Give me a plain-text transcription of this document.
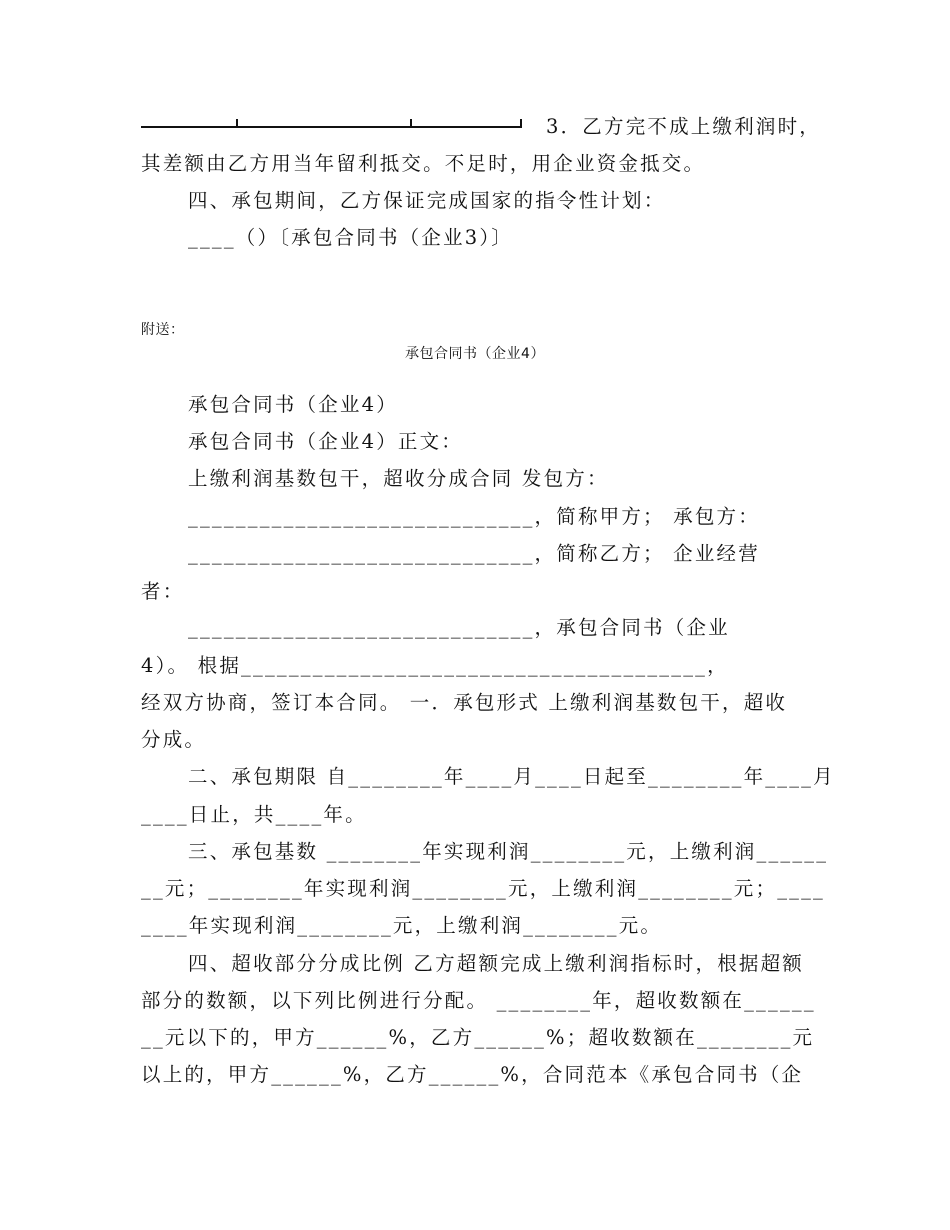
3．乙方完不成上缴利润时，
其差额由乙方用当年留利抵交。不足时，用企业资金抵交。
四、承包期间，乙方保证完成国家的指令性计划：
____（）〔承包合同书（企业3）〕
附送：
承包合同书（企业4）
承包合同书（企业4）
承包合同书（企业4）正文：
上缴利润基数包干，超收分成合同 发包方：
_____________________________，简称甲方； 承包方：
_____________________________，简称乙方； 企业经营
者：
_____________________________，承包合同书（企业
4）。 根据_______________________________________，
经双方协商，签订本合同。 一．承包形式 上缴利润基数包干，超收
分成。
二、承包期限 自________年____月____日起至________年____月
____日止，共____年。
三、承包基数 ________年实现利润________元，上缴利润______
__元；________年实现利润________元，上缴利润________元；____
____年实现利润________元，上缴利润________元。
四、超收部分分成比例 乙方超额完成上缴利润指标时，根据超额
部分的数额，以下列比例进行分配。 ________年，超收数额在______
__元以下的，甲方______%，乙方______%；超收数额在________元
以上的，甲方______%，乙方______%，合同范本《承包合同书（企
